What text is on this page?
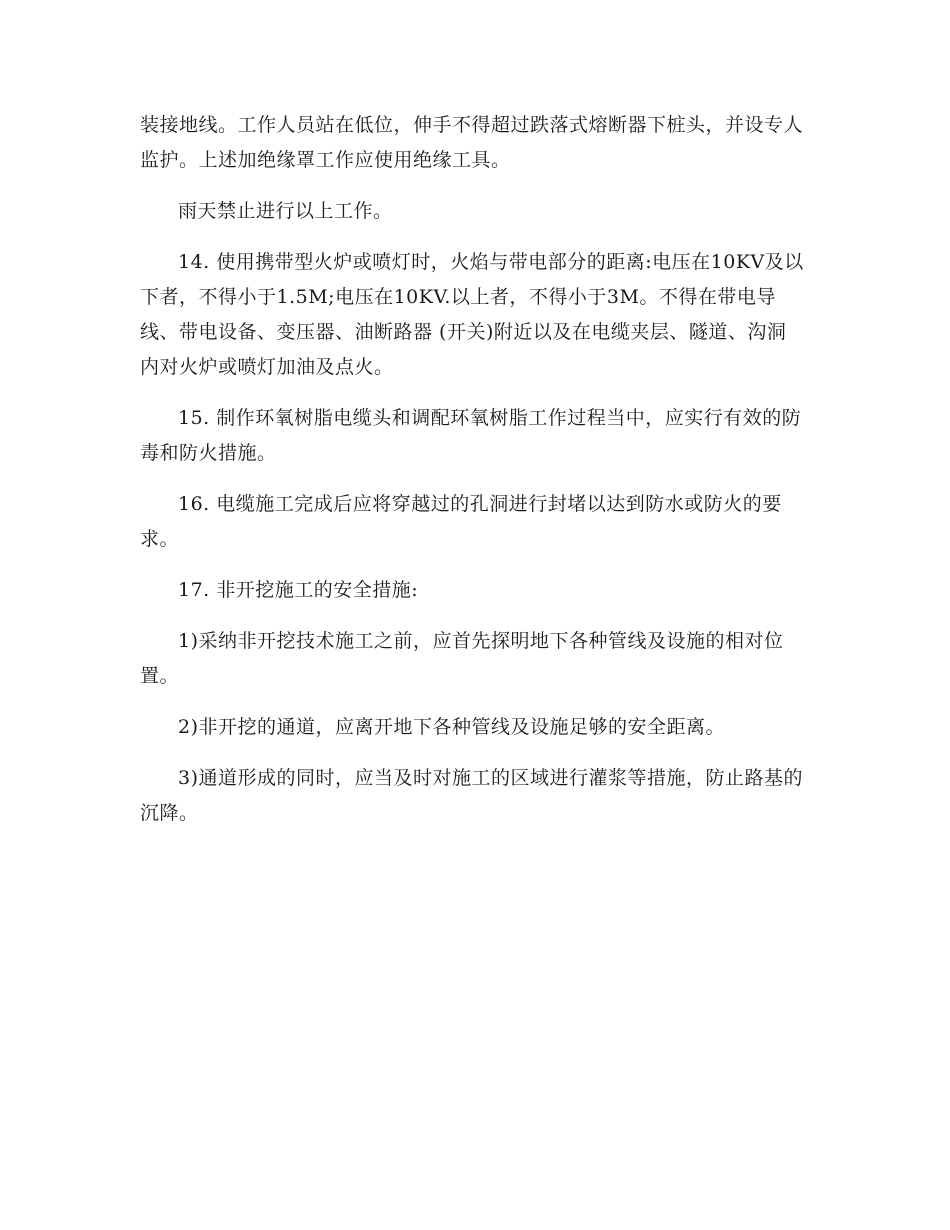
装接地线。工作人员站在低位，伸手不得超过跌落式熔断器下桩头，并设专人监护。上述加绝缘罩工作应使用绝缘工具。

雨天禁止进行以上工作。

14. 使用携带型火炉或喷灯时，火焰与带电部分的距离:电压在10KV及以下者，不得小于1.5M;电压在10KV.以上者，不得小于3M。不得在带电导线、带电设备、变压器、油断路器 (开关)附近以及在电缆夹层、隧道、沟洞内对火炉或喷灯加油及点火。

15. 制作环氧树脂电缆头和调配环氧树脂工作过程当中，应实行有效的防毒和防火措施。

16. 电缆施工完成后应将穿越过的孔洞进行封堵以达到防水或防火的要求。

17. 非开挖施工的安全措施:

1)采纳非开挖技术施工之前，应首先探明地下各种管线及设施的相对位置。

2)非开挖的通道，应离开地下各种管线及设施足够的安全距离。

3)通道形成的同时，应当及时对施工的区域进行灌浆等措施，防止路基的沉降。
